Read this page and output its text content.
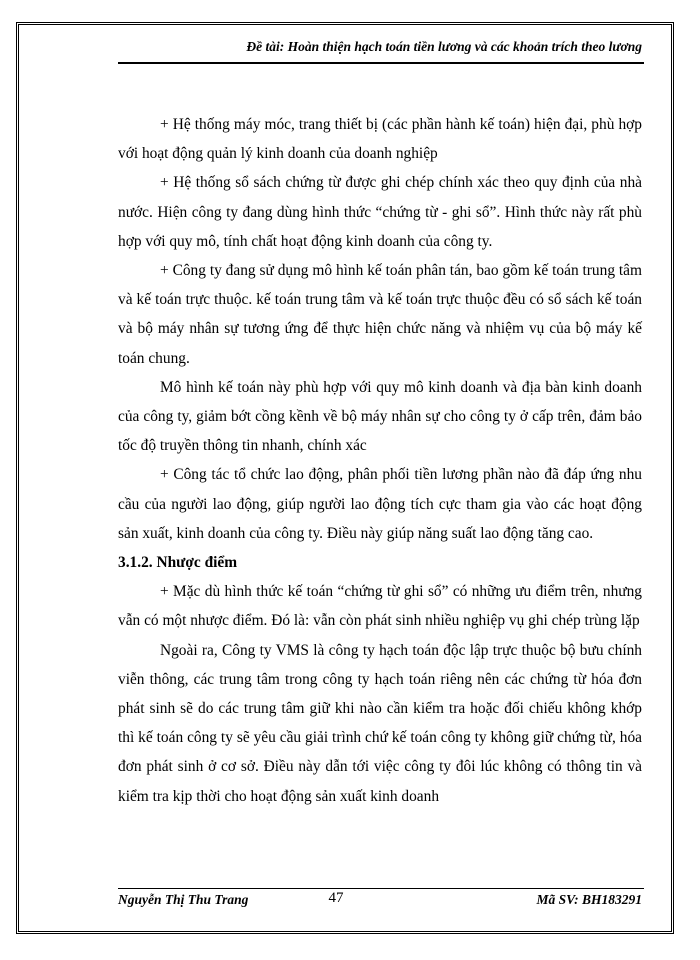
Đề tài: Hoàn thiện hạch toán tiền lương và các khoản trích theo lương

+ Hệ thống máy móc, trang thiết bị (các phần hành kế toán) hiện đại, phù hợp với hoạt động quản lý kinh doanh của doanh nghiệp

+ Hệ thống sổ sách chứng từ được ghi chép chính xác theo quy định của nhà nước. Hiện công ty đang dùng hình thức “chứng từ - ghi sổ”. Hình thức này rất phù hợp với quy mô, tính chất hoạt động kinh doanh của công ty.

+ Công ty đang sử dụng mô hình kế toán phân tán, bao gồm kế toán trung tâm và kế toán trực thuộc. kế toán trung tâm và kế toán trực thuộc đều có sổ sách kế toán và bộ máy nhân sự tương ứng để thực hiện chức năng và nhiệm vụ của bộ máy kế toán chung.

Mô hình kế toán này phù hợp với quy mô kinh doanh và địa bàn kinh doanh của công ty, giảm bớt cồng kềnh về bộ máy nhân sự cho công ty ở cấp trên, đảm bảo tốc độ truyền thông tin nhanh, chính xác

+ Công tác tổ chức lao động, phân phối tiền lương phần nào đã đáp ứng nhu cầu của người lao động, giúp người lao động tích cực tham gia vào các hoạt động sản xuất, kinh doanh của công ty. Điều này giúp năng suất lao động tăng cao.

3.1.2. Nhược điểm

+ Mặc dù hình thức kế toán “chứng từ ghi sổ” có những ưu điểm trên, nhưng vẫn có một nhược điểm. Đó là: vẫn còn phát sinh nhiều nghiệp vụ ghi chép trùng lặp

Ngoài ra, Công ty VMS là công ty hạch toán độc lập trực thuộc bộ bưu chính viễn thông, các trung tâm trong công ty hạch toán riêng nên các chứng từ hóa đơn phát sinh sẽ do các trung tâm giữ khi nào cần kiểm tra hoặc đối chiếu không khớp thì kế toán công ty sẽ yêu cầu giải trình chứ kế toán công ty không giữ chứng từ, hóa đơn phát sinh ở cơ sở. Điều này dẫn tới việc công ty đôi lúc không có thông tin và kiểm tra kịp thời cho hoạt động sản xuất kinh doanh

Nguyễn Thị Thu Trang	47	Mã SV: BH183291
